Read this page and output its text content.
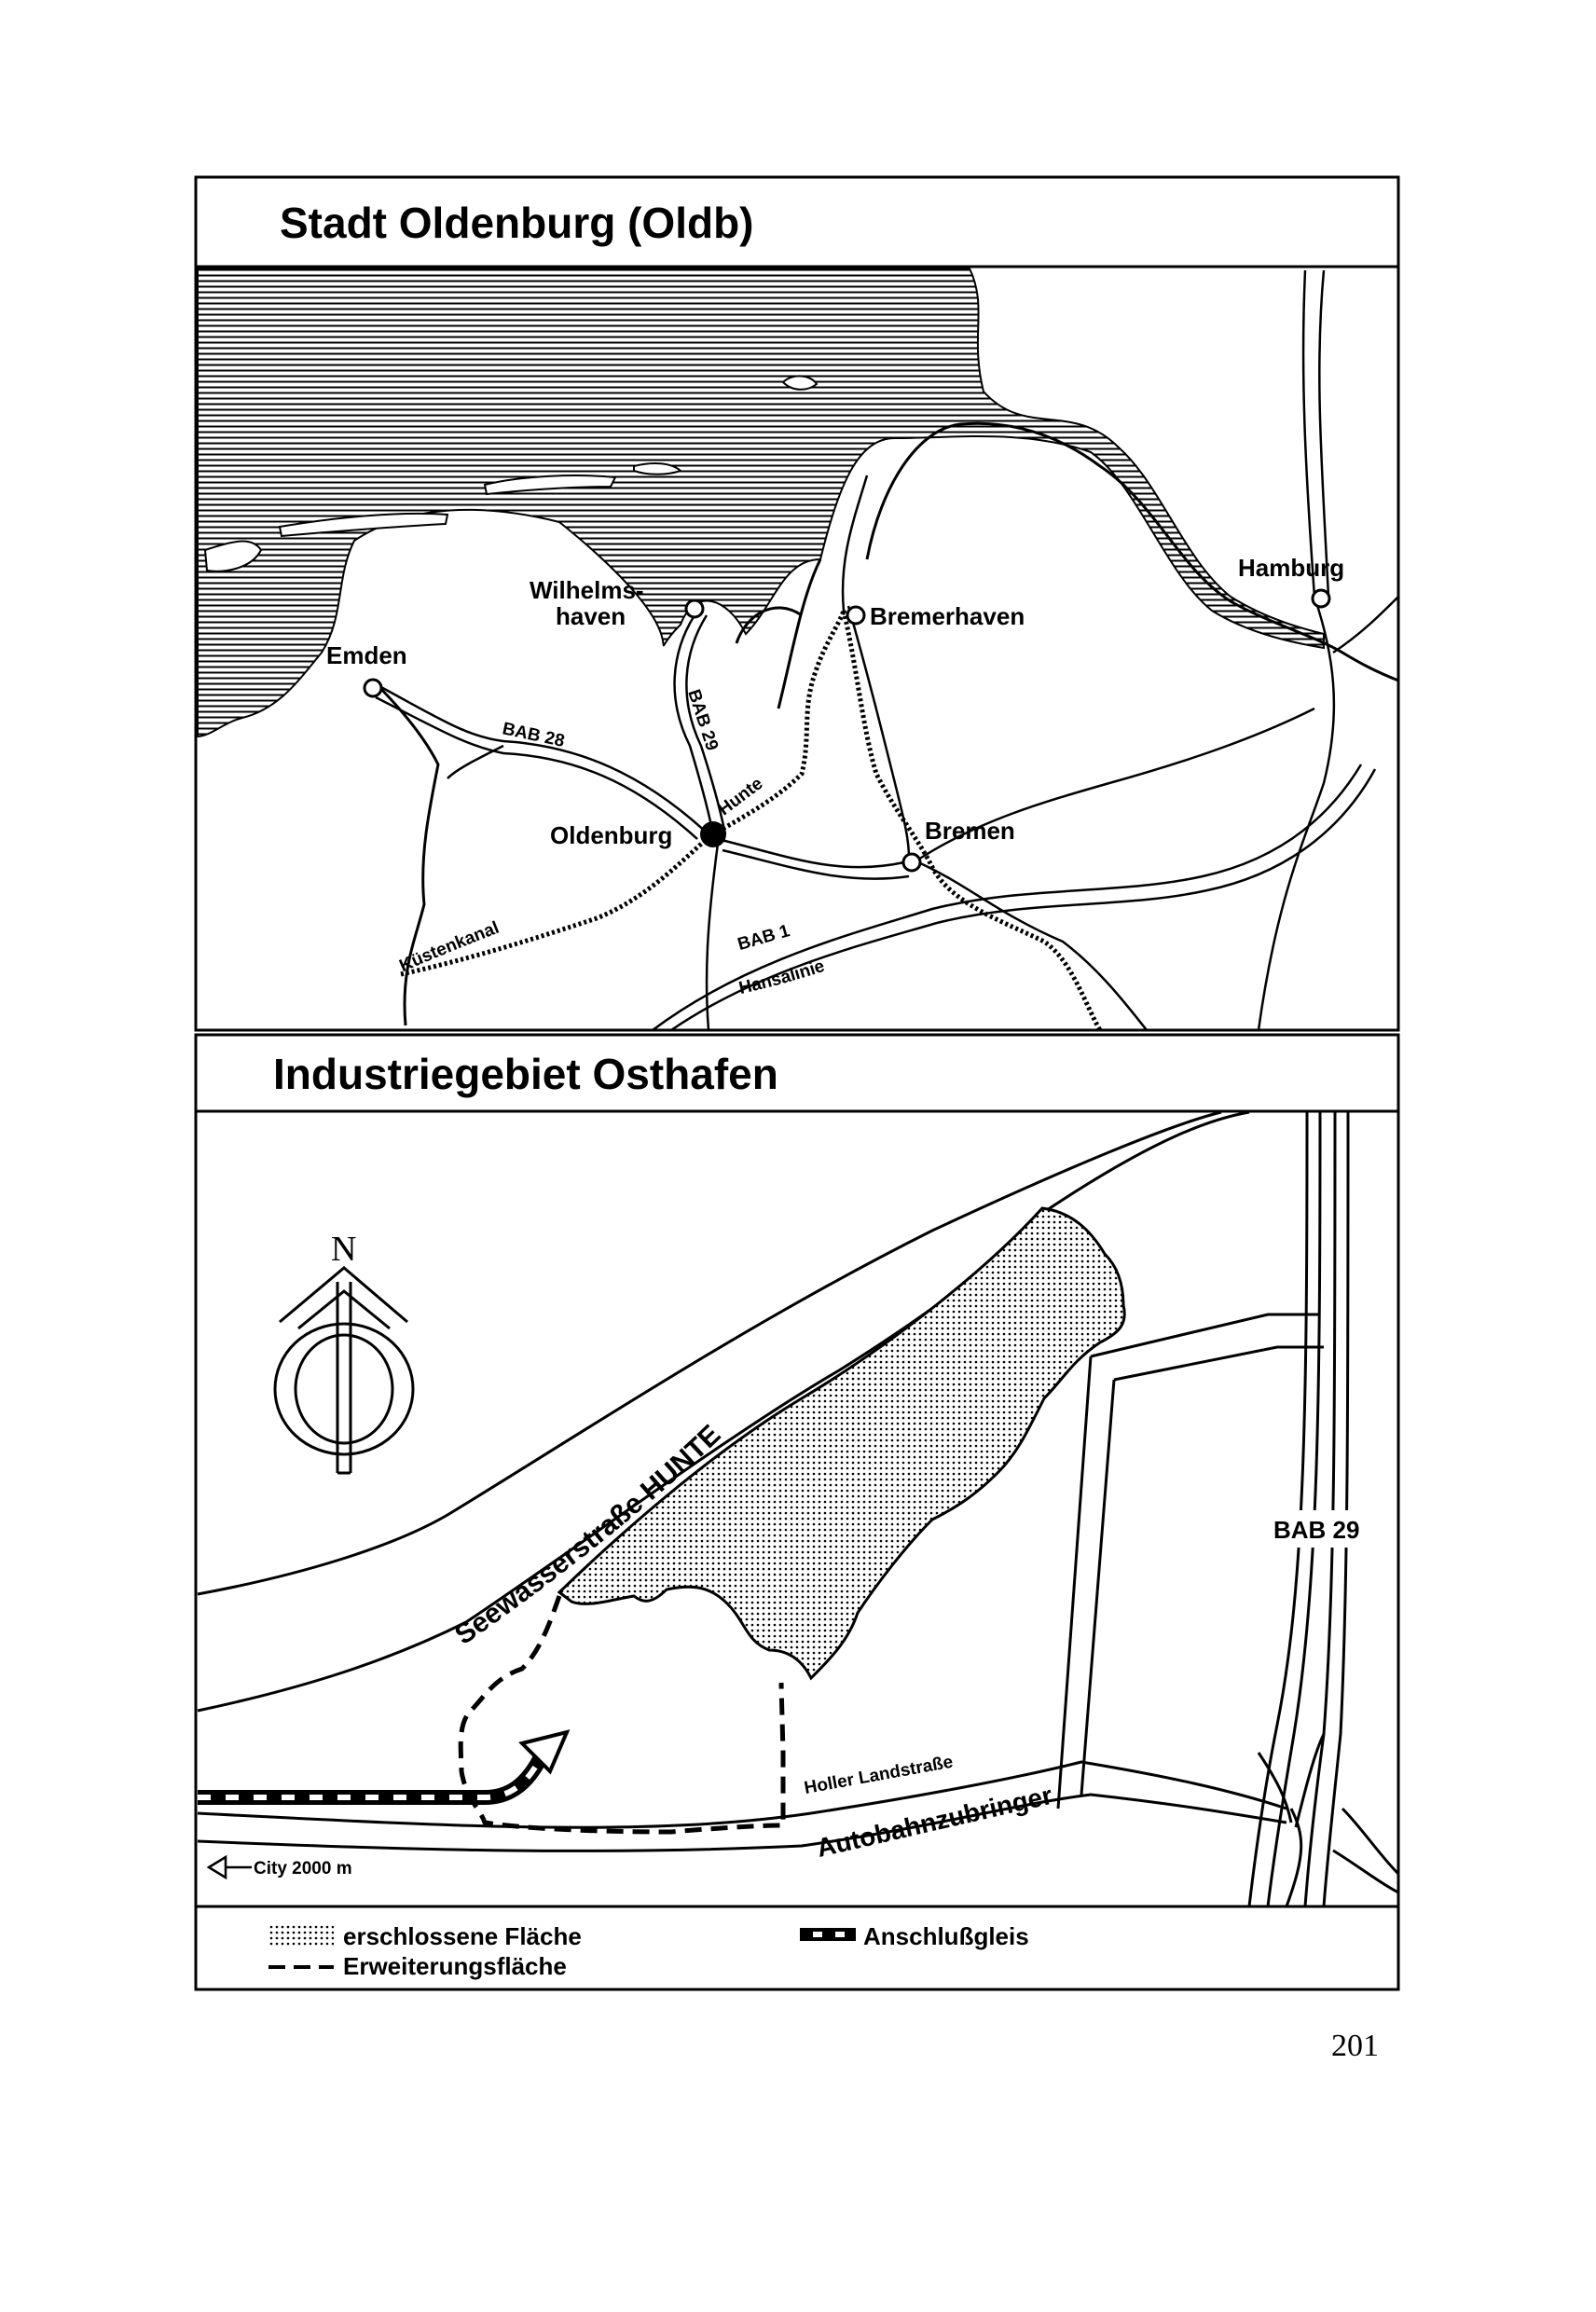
Stadt Oldenburg (Oldb)
Emden
Wilhelms-
haven	Bremerhaven
Hamburg
Oldenburg	Bremen
BAB 28	BAB 29
Hunte
Küstenkanal
BAB 1
Hansalinie
Industriegebiet Osthafen
N
Seewasserstraße HUNTE
BAB 29
Holler Landstraße
Autobahnzubringer
City 2000 m
erschlossene Fläche
Erweiterungsfläche
Anschlußgleis
201
